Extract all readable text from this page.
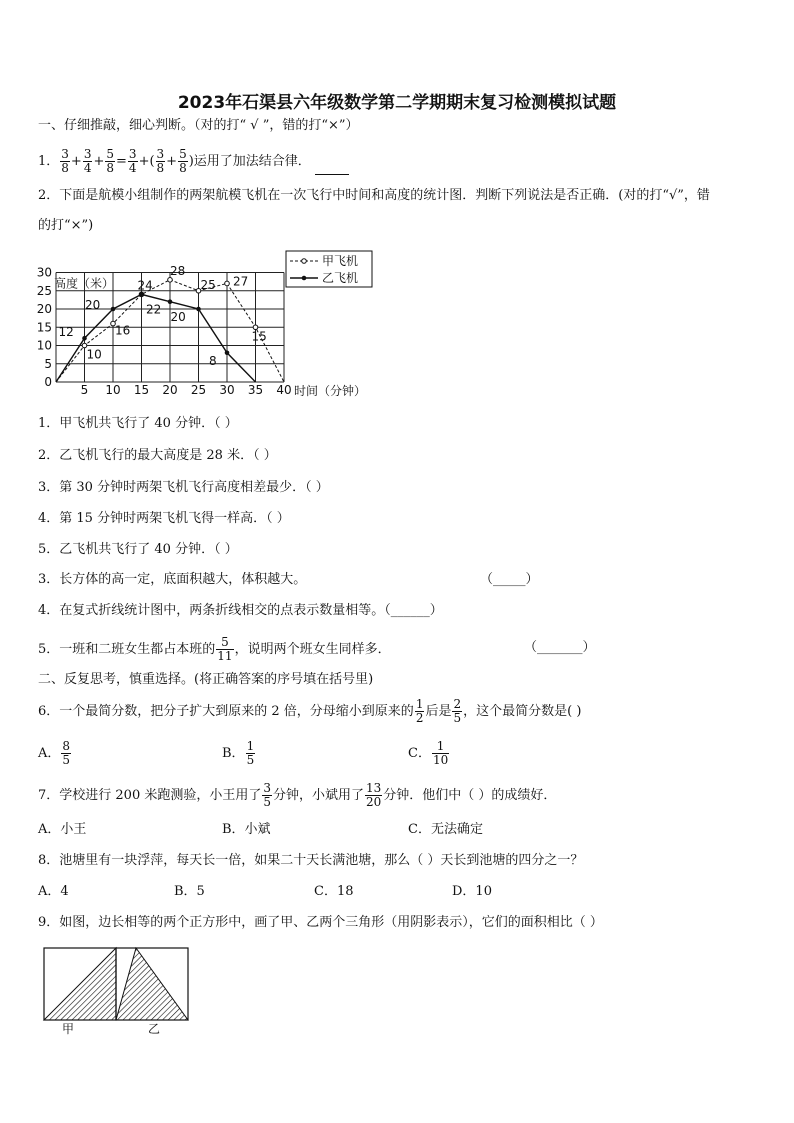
2023年石渠县六年级数学第二学期期末复习检测模拟试题
一、仔细推敲，细心判断。（对的打“ √ ”，错的打“×”）
1． $\frac{3}{8} + \frac{3}{4} + \frac{5}{8} = \frac{3}{4}$ +( $\frac{3}{8} + \frac{5}{8}$ )运用了加法结合律．
2．下面是航模小组制作的两架航模飞机在一次飞行中时间和高度的统计图．判断下列说法是否正确．(对的打“√”，错
的打“×”)
5 10 15 20 25 30 35 40
0
5
10
15
20
25
30
时间（分钟）
高度（米）
10
16
24
28
25 27
15
12
20	22
20
8
甲飞机
乙飞机
1．甲飞机共飞行了 40 分钟．（ ）
2．乙飞机飞行的最大高度是 28 米．（ ）
3．第 30 分钟时两架飞机飞行高度相差最少．（ ）
4．第 15 分钟时两架飞机飞得一样高．（ ）
5．乙飞机共飞行了 40 分钟．（ ）
3．长方体的高一定，底面积越大，体积越大。	（_____）
4．在复式折线统计图中，两条折线相交的点表示数量相等。（______）
5．一班和二班女生都占本班的 $\frac{5}{11}$ ，说明两个班女生同样多．	（_______）
二、反复思考，慎重选择。(将正确答案的序号填在括号里)
6．一个最简分数，把分子扩大到原来的 2 倍，分母缩小到原来的 $\frac{1}{2}$ 后是 $\frac{2}{5}$ ，这个最简分数是( )
A． $\frac{8}{5}$	B． $\frac{1}{5}$	C． $\frac{1}{10}$
7．学校进行 200 米跑测验，小王用了 $\frac{3}{5}$ 分钟，小斌用了 $\frac{13}{20}$ 分钟．他们中（ ）的成绩好．
A．小王	B．小斌	C．无法确定
8．池塘里有一块浮萍，每天长一倍，如果二十天长满池塘，那么（ ）天长到池塘的四分之一？
A．4	B．5	C．18	D．10
9．如图，边长相等的两个正方形中，画了甲、乙两个三角形（用阴影表示），它们的面积相比（ ）
甲	乙
